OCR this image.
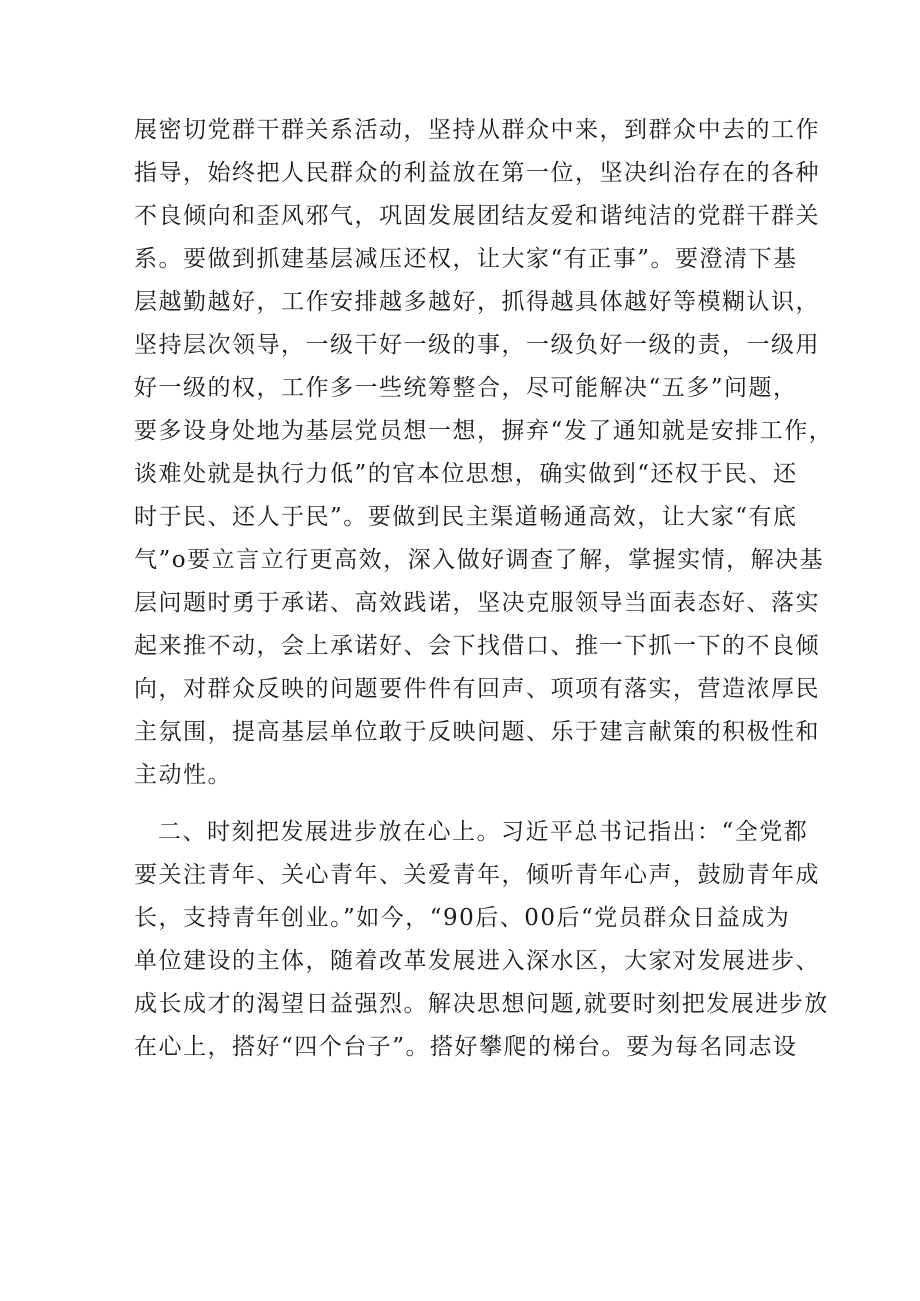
展密切党群干群关系活动，坚持从群众中来，到群众中去的工作
指导，始终把人民群众的利益放在第一位，坚决纠治存在的各种
不良倾向和歪风邪气，巩固发展团结友爱和谐纯洁的党群干群关
系。要做到抓建基层减压还权，让大家“有正事”。要澄清下基
层越勤越好，工作安排越多越好，抓得越具体越好等模糊认识，
坚持层次领导，一级干好一级的事，一级负好一级的责，一级用
好一级的权，工作多一些统筹整合，尽可能解决“五多”问题，
要多设身处地为基层党员想一想，摒弃“发了通知就是安排工作，
谈难处就是执行力低”的官本位思想，确实做到“还权于民、还
时于民、还人于民”。要做到民主渠道畅通高效，让大家“有底
气”o要立言立行更高效，深入做好调查了解，掌握实情，解决基
层问题时勇于承诺、高效践诺，坚决克服领导当面表态好、落实
起来推不动，会上承诺好、会下找借口、推一下抓一下的不良倾
向，对群众反映的问题要件件有回声、项项有落实，营造浓厚民
主氛围，提高基层单位敢于反映问题、乐于建言献策的积极性和
主动性。
二、时刻把发展进步放在心上。习近平总书记指出：“全党都
要关注青年、关心青年、关爱青年，倾听青年心声，鼓励青年成
长，支持青年创业。”如今，“90后、00后“党员群众日益成为
单位建设的主体，随着改革发展进入深水区，大家对发展进步、
成长成才的渴望日益强烈。解决思想问题,就要时刻把发展进步放
在心上，搭好“四个台子”。搭好攀爬的梯台。要为每名同志设
